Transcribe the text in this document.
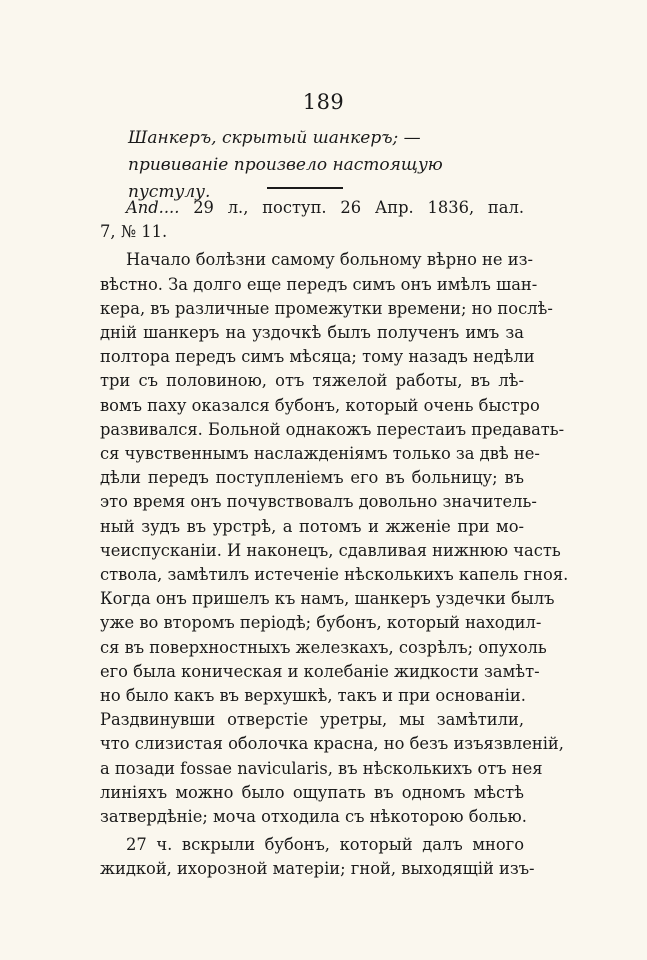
189
Шанкеръ, скрытый шанкеръ; — прививаніе произвело настоящую пустулу.

And.... 29 л., поступ. 26 Апр. 1836, пал.
7, № 11.

Начало болѣзни самому больному вѣрно не из-
вѣстно. За долго еще передъ симъ онъ имѣлъ шан-
кера, въ различные промежутки времени; но послѣ-
дній шанкеръ на уздочкѣ былъ полученъ имъ за
полтора передъ симъ мѣсяца; тому назадъ недѣли
три съ половиною, отъ тяжелой работы, въ лѣ-
вомъ паху оказался бубонъ, который очень быстро
развивался. Больной однакожъ перестаиъ предавать-
ся чувственнымъ наслажденіямъ только за двѣ не-
дѣли передъ поступленіемъ его въ больницу; въ
это время онъ почувствовалъ довольно значитель-
ный зудъ въ урстрѣ, а потомъ и жженіе при мо-
чеиспусканіи. И наконецъ, сдавливая нижнюю часть
ствола, замѣтилъ истеченіе нѣсколькихъ капель гноя.
Когда онъ пришелъ къ намъ, шанкеръ уздечки былъ
уже во второмъ періодѣ; бубонъ, который находил-
ся въ поверхностныхъ железкахъ, созрѣлъ; опухоль
его была коническая и колебаніе жидкости замѣт-
но было какъ въ верхушкѣ, такъ и при основаніи.
Раздвинувши отверстіе уретры, мы замѣтили,
что слизистая оболочка красна, но безъ изъязвленій,
а позади fossae navicularis, въ нѣсколькихъ отъ нея
линіяхъ можно было ощупать въ одномъ мѣстѣ
затвердѣніе; моча отходила съ нѣкоторою болью.

27 ч. вскрыли бубонъ, который далъ много
жидкой, ихорозной матеріи; гной, выходящій изъ-
